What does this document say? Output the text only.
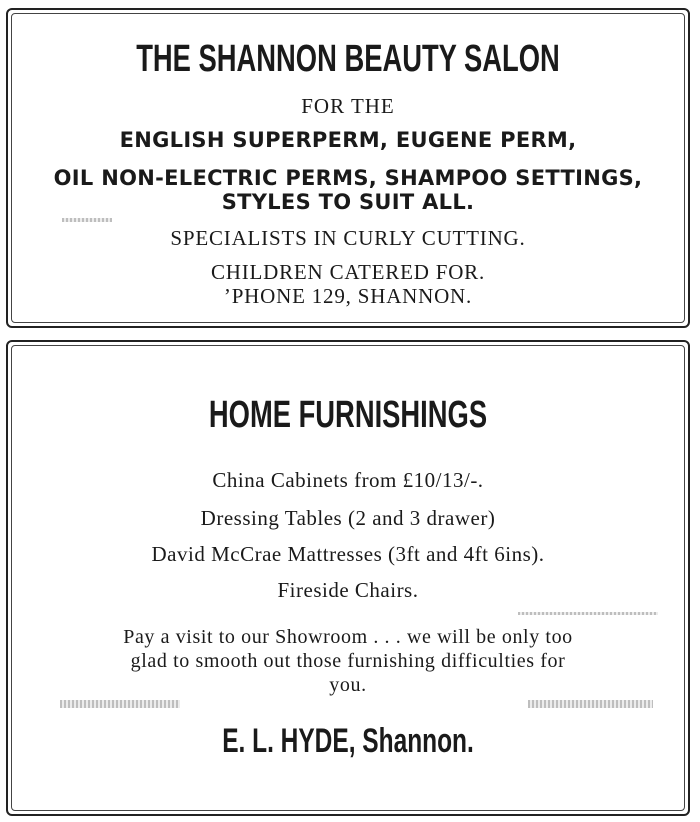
THE SHANNON BEAUTY SALON
FOR THE
ENGLISH SUPERPERM, EUGENE PERM,
OIL NON-ELECTRIC PERMS, SHAMPOO SETTINGS,
STYLES TO SUIT ALL.
SPECIALISTS IN CURLY CUTTING.
CHILDREN CATERED FOR.
’PHONE 129, SHANNON.
HOME FURNISHINGS
China Cabinets from £10/13/-.
Dressing Tables (2 and 3 drawer)
David McCrae Mattresses (3ft and 4ft 6ins).
Fireside Chairs.
Pay a visit to our Showroom . . . we will be only too
glad to smooth out those furnishing difficulties for
you.
E. L. HYDE, Shannon.
